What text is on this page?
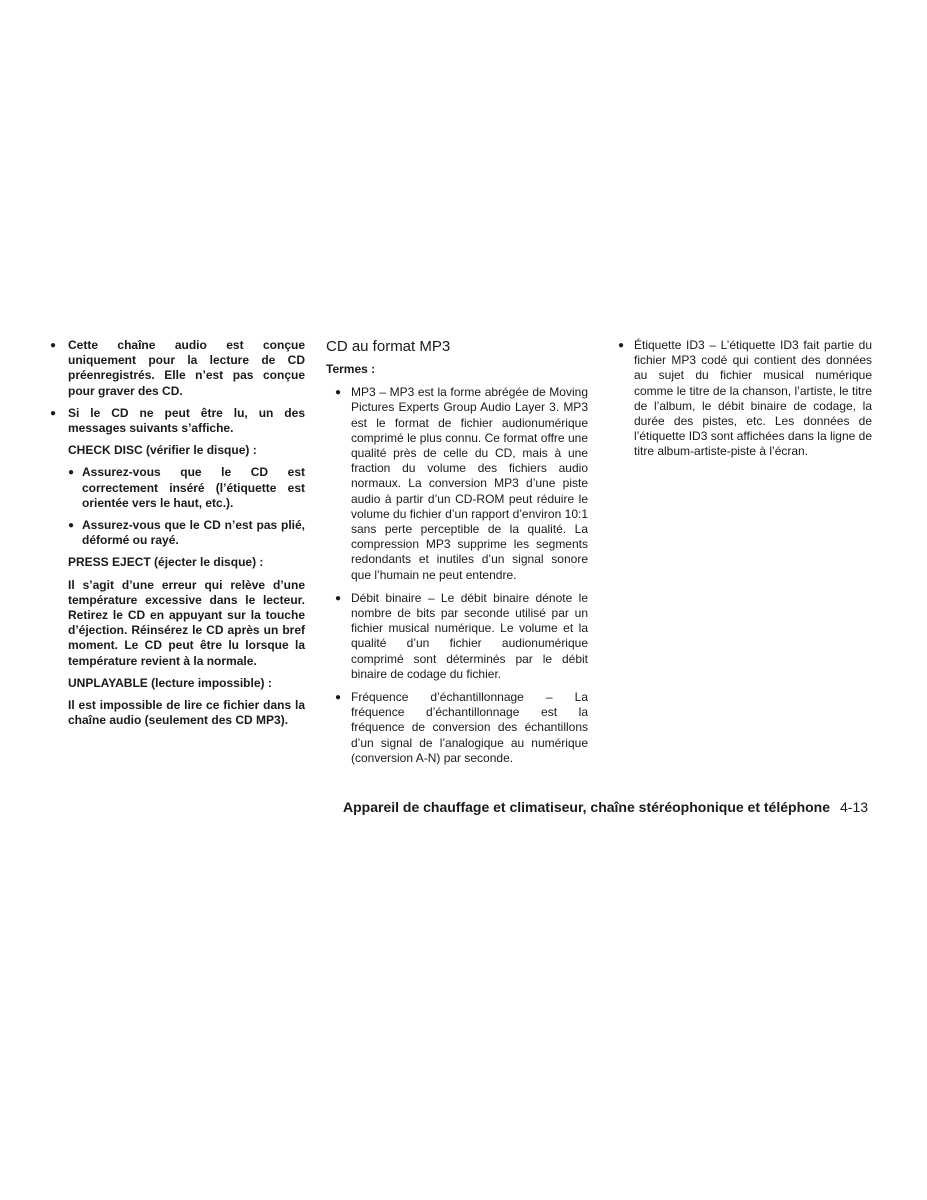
● Cette chaîne audio est conçue uniquement pour la lecture de CD préenregistrés. Elle n’est pas conçue pour graver des CD.
● Si le CD ne peut être lu, un des messages suivants s’affiche.

CHECK DISC (vérifier le disque) :

● Assurez-vous que le CD est correctement inséré (l’étiquette est orientée vers le haut, etc.).
● Assurez-vous que le CD n’est pas plié, déformé ou rayé.

PRESS EJECT (éjecter le disque) :

Il s’agit d’une erreur qui relève d’une température excessive dans le lecteur. Retirez le CD en appuyant sur la touche d’éjection. Réinsérez le CD après un bref moment. Le CD peut être lu lorsque la température revient à la normale.

UNPLAYABLE (lecture impossible) :

Il est impossible de lire ce fichier dans la chaîne audio (seulement des CD MP3).

CD au format MP3

Termes :

● MP3 – MP3 est la forme abrégée de Moving Pictures Experts Group Audio Layer 3. MP3 est le format de fichier audionumérique comprimé le plus connu. Ce format offre une qualité près de celle du CD, mais à une fraction du volume des fichiers audio normaux. La conversion MP3 d’une piste audio à partir d’un CD-ROM peut réduire le volume du fichier d’un rapport d’environ 10:1 sans perte perceptible de la qualité. La compression MP3 supprime les segments redondants et inutiles d’un signal sonore que l’humain ne peut entendre.
● Débit binaire – Le débit binaire dénote le nombre de bits par seconde utilisé par un fichier musical numérique. Le volume et la qualité d’un fichier audionumérique comprimé sont déterminés par le débit binaire de codage du fichier.
● Fréquence d’échantillonnage – La fréquence d’échantillonnage est la fréquence de conversion des échantillons d’un signal de l’analogique au numérique (conversion A-N) par seconde.
● Étiquette ID3 – L’étiquette ID3 fait partie du fichier MP3 codé qui contient des données au sujet du fichier musical numérique comme le titre de la chanson, l’artiste, le titre de l’album, le débit binaire de codage, la durée des pistes, etc. Les données de l’étiquette ID3 sont affichées dans la ligne de titre album-artiste-piste à l’écran.
Appareil de chauffage et climatiseur, chaîne stéréophonique et téléphone 4-13
